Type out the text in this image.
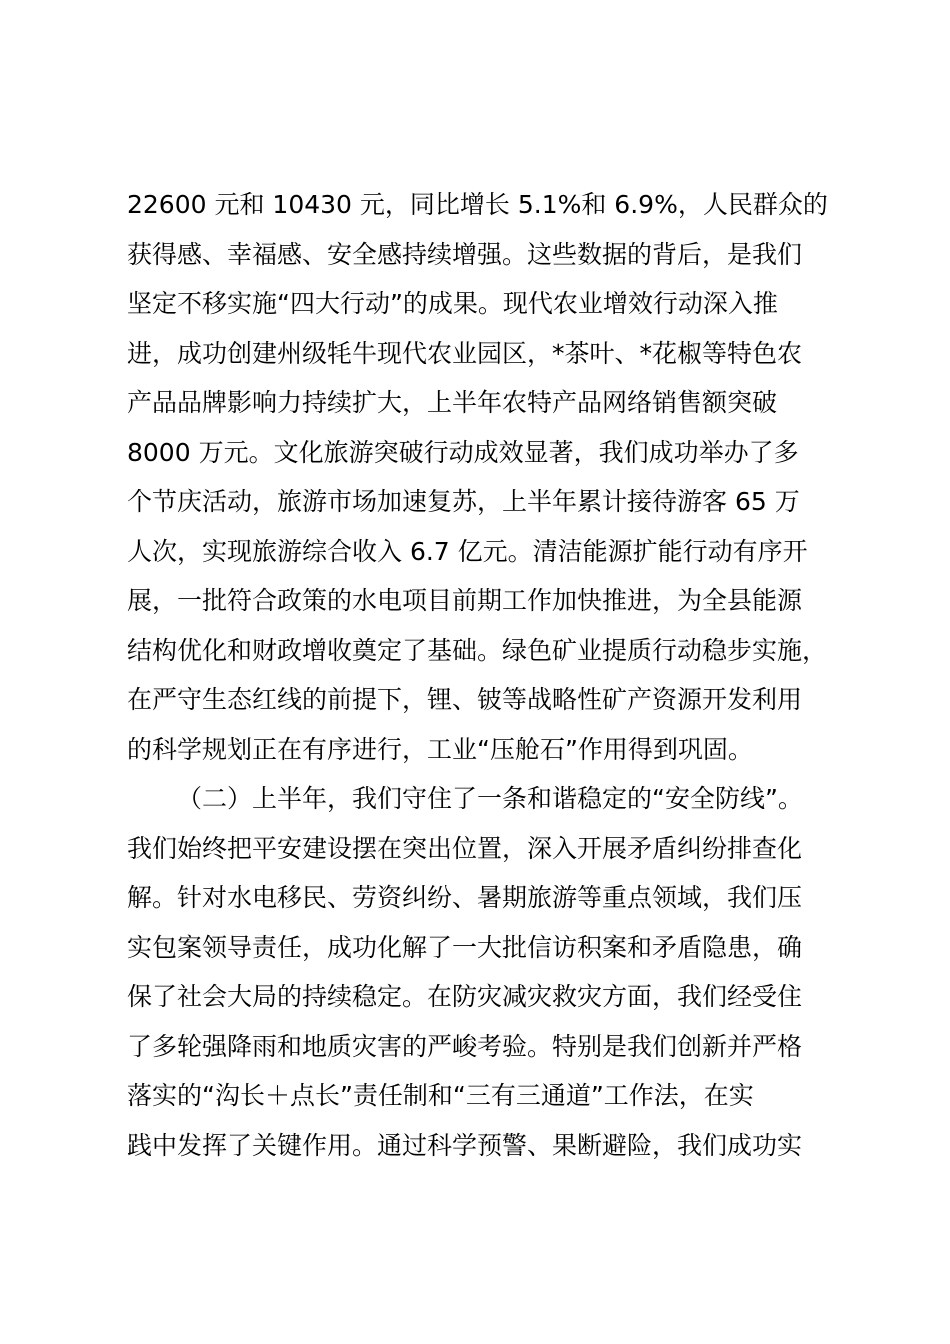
22600 元和 10430 元，同比增长 5.1%和 6.9%，人民群众的
获得感、幸福感、安全感持续增强。这些数据的背后，是我们
坚定不移实施“四大行动”的成果。现代农业增效行动深入推
进，成功创建州级牦牛现代农业园区，*茶叶、*花椒等特色农
产品品牌影响力持续扩大，上半年农特产品网络销售额突破
8000 万元。文化旅游突破行动成效显著，我们成功举办了多
个节庆活动，旅游市场加速复苏，上半年累计接待游客 65 万
人次，实现旅游综合收入 6.7 亿元。清洁能源扩能行动有序开
展，一批符合政策的水电项目前期工作加快推进，为全县能源
结构优化和财政增收奠定了基础。绿色矿业提质行动稳步实施，
在严守生态红线的前提下，锂、铍等战略性矿产资源开发利用
的科学规划正在有序进行，工业“压舱石”作用得到巩固。
（二）上半年，我们守住了一条和谐稳定的“安全防线”。
我们始终把平安建设摆在突出位置，深入开展矛盾纠纷排查化
解。针对水电移民、劳资纠纷、暑期旅游等重点领域，我们压
实包案领导责任，成功化解了一大批信访积案和矛盾隐患，确
保了社会大局的持续稳定。在防灾减灾救灾方面，我们经受住
了多轮强降雨和地质灾害的严峻考验。特别是我们创新并严格
落实的“沟长＋点长”责任制和“三有三通道”工作法，在实
践中发挥了关键作用。通过科学预警、果断避险，我们成功实
